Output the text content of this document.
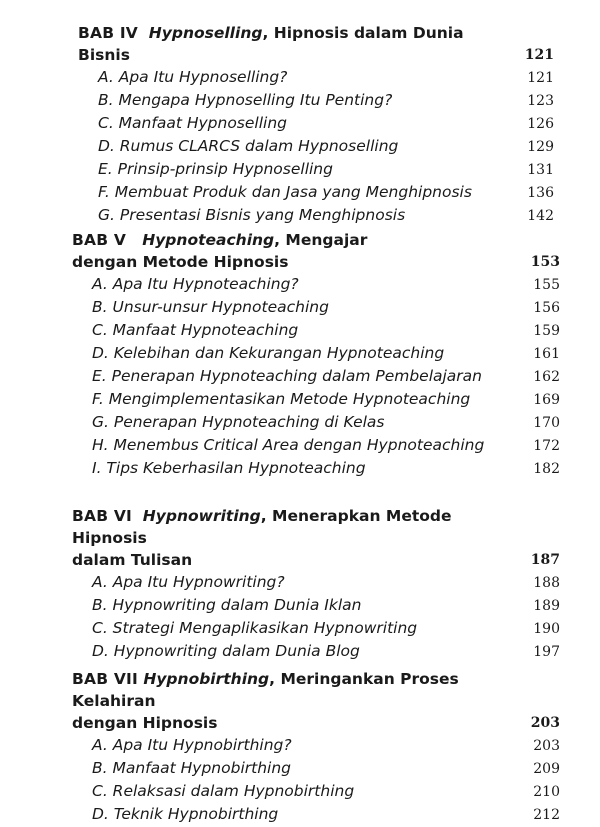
BAB IV Hypnoselling, Hipnosis dalam Dunia Bisnis	121
A. Apa Itu Hypnoselling?	121
B. Mengapa Hypnoselling Itu Penting?	123
C. Manfaat Hypnoselling	126
D. Rumus CLARCS dalam Hypnoselling	129
E. Prinsip-prinsip Hypnoselling	131
F. Membuat Produk dan Jasa yang Menghipnosis	136
G. Presentasi Bisnis yang Menghipnosis	142
BAB V Hypnoteaching, Mengajar
dengan Metode Hipnosis	153
A. Apa Itu Hypnoteaching?	155
B. Unsur-unsur Hypnoteaching	156
C. Manfaat Hypnoteaching	159
D. Kelebihan dan Kekurangan Hypnoteaching	161
E. Penerapan Hypnoteaching dalam Pembelajaran	162
F. Mengimplementasikan Metode Hypnoteaching	169
G. Penerapan Hypnoteaching di Kelas	170
H. Menembus Critical Area dengan Hypnoteaching	172
I. Tips Keberhasilan Hypnoteaching	182
BAB VI Hypnowriting, Menerapkan Metode Hipnosis
dalam Tulisan	187
A. Apa Itu Hypnowriting?	188
B. Hypnowriting dalam Dunia Iklan	189
C. Strategi Mengaplikasikan Hypnowriting	190
D. Hypnowriting dalam Dunia Blog	197
BAB VII Hypnobirthing, Meringankan Proses Kelahiran
dengan Hipnosis	203
A. Apa Itu Hypnobirthing?	203
B. Manfaat Hypnobirthing	209
C. Relaksasi dalam Hypnobirthing	210
D. Teknik Hypnobirthing	212
